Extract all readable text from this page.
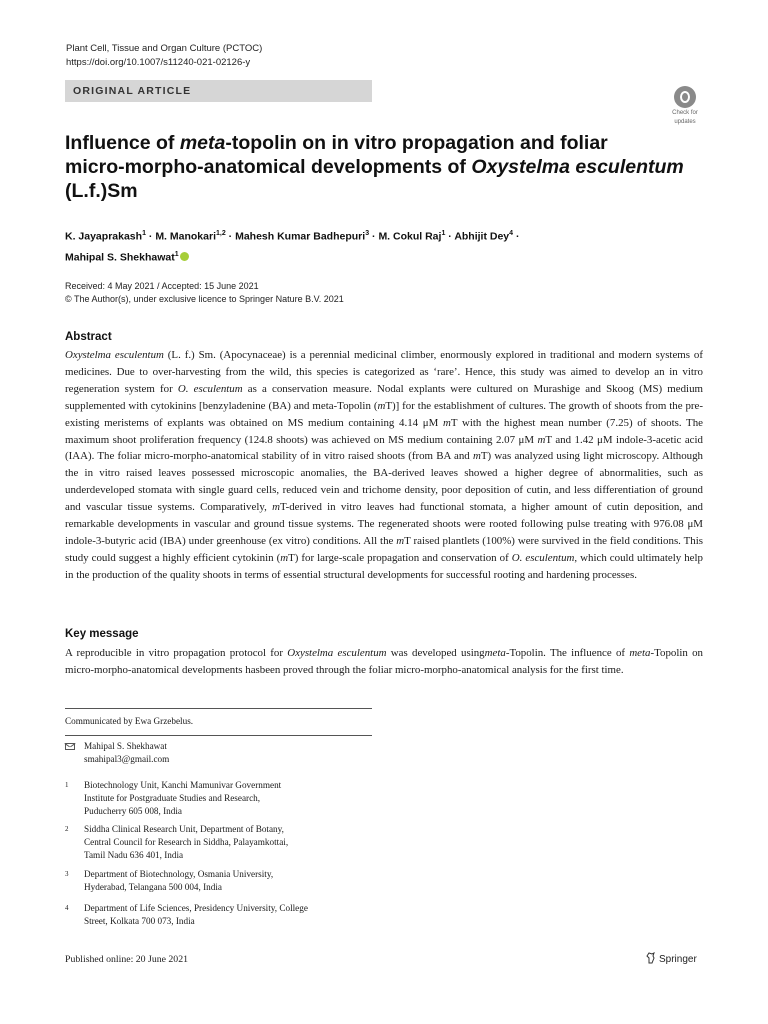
Plant Cell, Tissue and Organ Culture (PCTOC)
https://doi.org/10.1007/s11240-021-02126-y
ORIGINAL ARTICLE
Check for
updates
Influence of meta-topolin on in vitro propagation and foliar
micro-morpho-anatomical developments of Oxystelma esculentum
(L.f.)Sm
K. Jayaprakash$^1$ · M. Manokari$^{1,2}$ · Mahesh Kumar Badhepuri$^3$ · M. Cokul Raj$^1$ · Abhijit Dey$^4$ ·
Mahipal S. Shekhawat$^1$
Received: 4 May 2021 / Accepted: 15 June 2021
© The Author(s), under exclusive licence to Springer Nature B.V. 2021
Abstract
Oxystelma esculentum (L. f.) Sm. (Apocynaceae) is a perennial medicinal climber, enormously explored in traditional and modern systems of medicines. Due to over-harvesting from the wild, this species is categorized as ‘rare’. Hence, this study was aimed to develop an in vitro regeneration system for O. esculentum as a conservation measure. Nodal explants were cultured on Murashige and Skoog (MS) medium supplemented with cytokinins [benzyladenine (BA) and meta-Topolin (mT)] for the establishment of cultures. The growth of shoots from the pre-existing meristems of explants was obtained on MS medium containing 4.14 μM mT with the highest mean number (7.25) of shoots. The maximum shoot proliferation frequency (124.8 shoots) was achieved on MS medium containing 2.07 μM mT and 1.42 μM indole-3-acetic acid (IAA). The foliar micro-morpho-anatomical stability of in vitro raised shoots (from BA and mT) was analyzed using light microscopy. Although the in vitro raised leaves possessed microscopic anomalies, the BA-derived leaves showed a higher degree of abnormalities, such as underdeveloped stomata with single guard cells, reduced vein and trichome density, poor deposition of cutin, and less differentiation of ground and vascular tissue systems. Comparatively, mT-derived in vitro leaves had functional stomata, a higher amount of cutin deposition, and remarkable developments in vascular and ground tissue systems. The regenerated shoots were rooted following pulse treating with 976.08 μM indole-3-butyric acid (IBA) under greenhouse (ex vitro) conditions. All the mT raised plantlets (100%) were survived in the field conditions. This study could suggest a highly efficient cytokinin (mT) for large-scale propagation and conservation of O. esculentum, which could ultimately help in the production of the quality shoots in terms of essential structural developments for successful rooting and hardening processes.
Key message
A reproducible in vitro propagation protocol for Oxystelma esculentum was developed usingmeta-Topolin. The influence of meta-Topolin on micro-morpho-anatomical developments hasbeen proved through the foliar micro-morpho-anatomical analysis for the first time.
Communicated by Ewa Grzebelus.
Mahipal S. Shekhawat
smahipal3@gmail.com
1 Biotechnology Unit, Kanchi Mamunivar Government
Institute for Postgraduate Studies and Research,
Puducherry 605 008, India
2 Siddha Clinical Research Unit, Department of Botany,
Central Council for Research in Siddha, Palayamkottai,
Tamil Nadu 636 401, India
3 Department of Biotechnology, Osmania University,
Hyderabad, Telangana 500 004, India
4 Department of Life Sciences, Presidency University, College
Street, Kolkata 700 073, India
Published online: 20 June 2021	Springer
